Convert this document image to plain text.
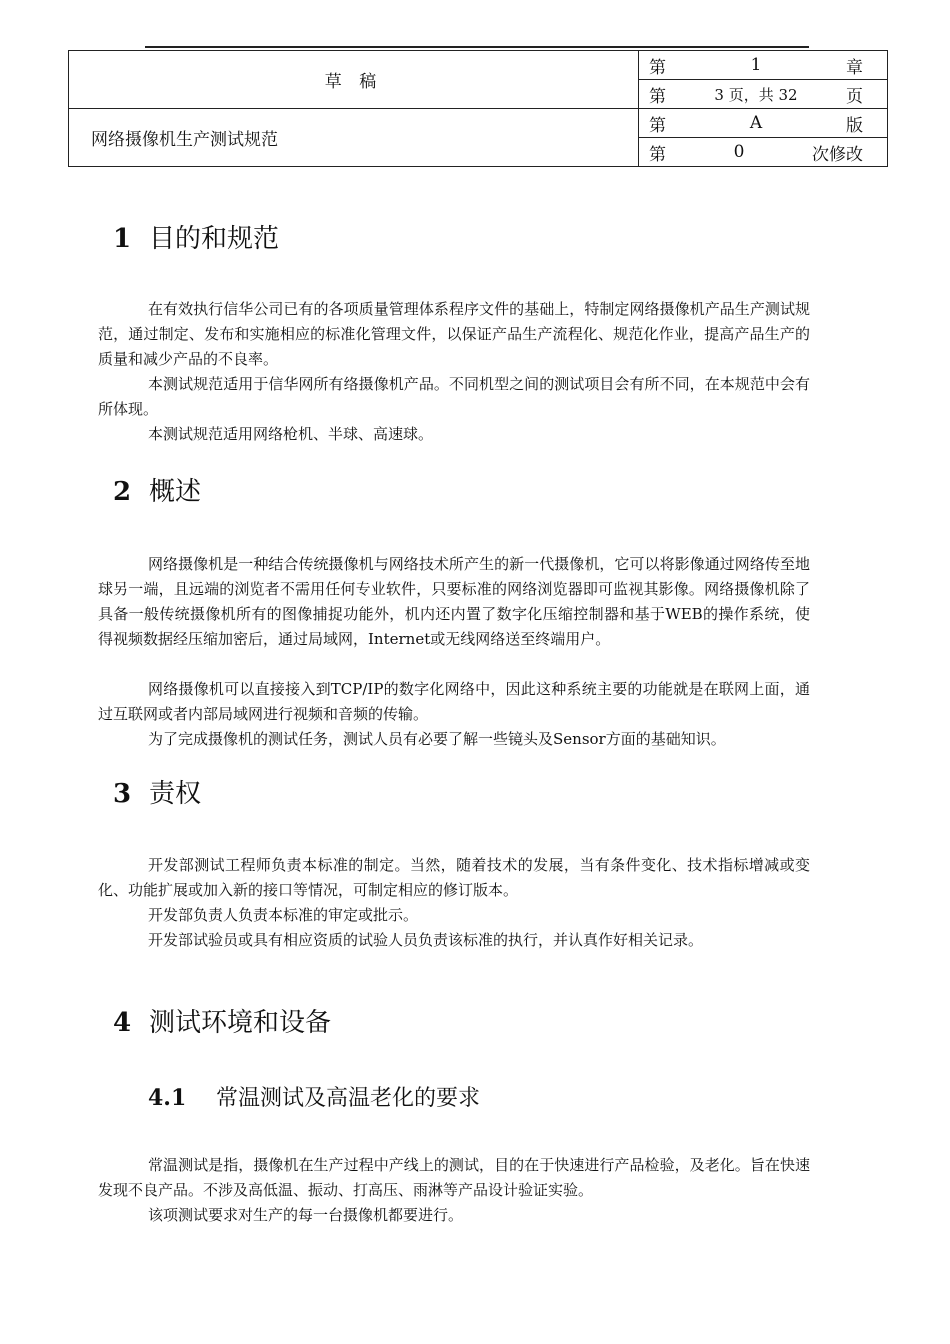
草 稿	第 1 章

	第 3 页，共 32 页

网络摄像机生产测试规范	第 A 版

	第 0 次修改
1 目的和规范

在有效执行信华公司已有的各项质量管理体系程序文件的基础上，特制定网络摄像机产品生产测试规范，通过制定、发布和实施相应的标准化管理文件，以保证产品生产流程化、规范化作业，提高产品生产的质量和减少产品的不良率。

本测试规范适用于信华网所有络摄像机产品。不同机型之间的测试项目会有所不同，在本规范中会有所体现。

本测试规范适用网络枪机、半球、高速球。

2 概述

网络摄像机是一种结合传统摄像机与网络技术所产生的新一代摄像机，它可以将影像通过网络传至地球另一端，且远端的浏览者不需用任何专业软件，只要标准的网络浏览器即可监视其影像。网络摄像机除了具备一般传统摄像机所有的图像捕捉功能外，机内还内置了数字化压缩控制器和基于WEB的操作系统，使得视频数据经压缩加密后，通过局域网，Internet或无线网络送至终端用户。

网络摄像机可以直接接入到TCP/IP的数字化网络中，因此这种系统主要的功能就是在联网上面，通过互联网或者内部局域网进行视频和音频的传输。

为了完成摄像机的测试任务，测试人员有必要了解一些镜头及Sensor方面的基础知识。

3 责权

开发部测试工程师负责本标准的制定。当然，随着技术的发展，当有条件变化、技术指标增减或变化、功能扩展或加入新的接口等情况，可制定相应的修订版本。

开发部负责人负责本标准的审定或批示。

开发部试验员或具有相应资质的试验人员负责该标准的执行，并认真作好相关记录。

4 测试环境和设备
4.1 常温测试及高温老化的要求

常温测试是指，摄像机在生产过程中产线上的测试，目的在于快速进行产品检验，及老化。旨在快速发现不良产品。不涉及高低温、振动、打高压、雨淋等产品设计验证实验。

该项测试要求对生产的每一台摄像机都要进行。
